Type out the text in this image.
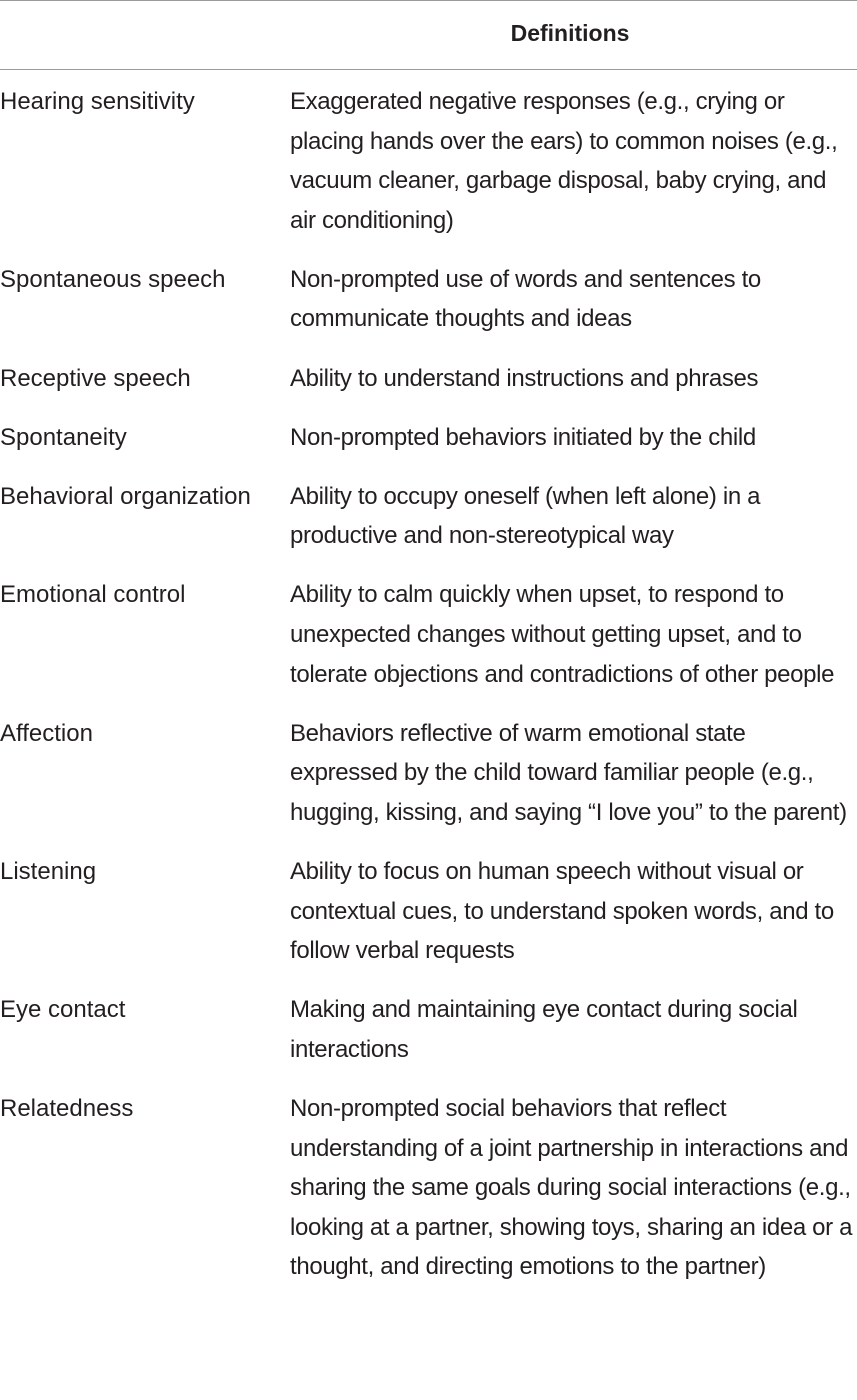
Definitions
Hearing sensitivity	Exaggerated negative responses (e.g., crying or placing hands over the ears) to common noises (e.g., vacuum cleaner, garbage disposal, baby crying, and air conditioning)
Spontaneous speech	Non-prompted use of words and sentences to communicate thoughts and ideas
Receptive speech	Ability to understand instructions and phrases
Spontaneity	Non-prompted behaviors initiated by the child
Behavioral organization	Ability to occupy oneself (when left alone) in a productive and non-stereotypical way
Emotional control	Ability to calm quickly when upset, to respond to unexpected changes without getting upset, and to tolerate objections and contradictions of other people
Affection	Behaviors reflective of warm emotional state expressed by the child toward familiar people (e.g., hugging, kissing, and saying “I love you” to the parent)
Listening	Ability to focus on human speech without visual or contextual cues, to understand spoken words, and to follow verbal requests
Eye contact	Making and maintaining eye contact during social interactions
Relatedness	Non-prompted social behaviors that reflect understanding of a joint partnership in interactions and sharing the same goals during social interactions (e.g., looking at a partner, showing toys, sharing an idea or a thought, and directing emotions to the partner)
